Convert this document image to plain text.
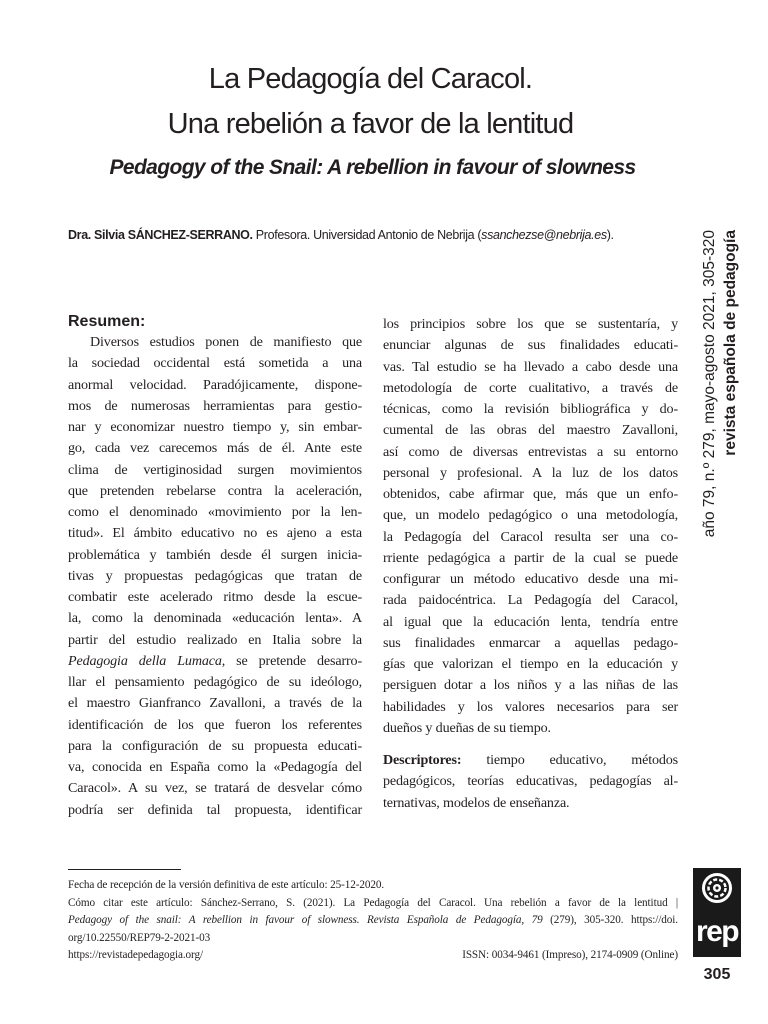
La Pedagogía del Caracol.
Una rebelión a favor de la lentitud
Pedagogy of the Snail: A rebellion in favour of slowness
Dra. Silvia SÁNCHEZ-SERRANO. Profesora. Universidad Antonio de Nebrija (ssanchezse@nebrija.es).
Resumen:
Diversos estudios ponen de manifiesto que
la sociedad occidental está sometida a una
anormal velocidad. Paradójicamente, dispone-
mos de numerosas herramientas para gestio-
nar y economizar nuestro tiempo y, sin embar-
go, cada vez carecemos más de él. Ante este
clima de vertiginosidad surgen movimientos
que pretenden rebelarse contra la aceleración,
como el denominado «movimiento por la len-
titud». El ámbito educativo no es ajeno a esta
problemática y también desde él surgen inicia-
tivas y propuestas pedagógicas que tratan de
combatir este acelerado ritmo desde la escue-
la, como la denominada «educación lenta». A
partir del estudio realizado en Italia sobre la
Pedagogia della Lumaca, se pretende desarro-
llar el pensamiento pedagógico de su ideólogo,
el maestro Gianfranco Zavalloni, a través de la
identificación de los que fueron los referentes
para la configuración de su propuesta educati-
va, conocida en España como la «Pedagogía del
Caracol». A su vez, se tratará de desvelar cómo
podría ser definida tal propuesta, identificar
los principios sobre los que se sustentaría, y
enunciar algunas de sus finalidades educati-
vas. Tal estudio se ha llevado a cabo desde una
metodología de corte cualitativo, a través de
técnicas, como la revisión bibliográfica y do-
cumental de las obras del maestro Zavalloni,
así como de diversas entrevistas a su entorno
personal y profesional. A la luz de los datos
obtenidos, cabe afirmar que, más que un enfo-
que, un modelo pedagógico o una metodología,
la Pedagogía del Caracol resulta ser una co-
rriente pedagógica a partir de la cual se puede
configurar un método educativo desde una mi-
rada paidocéntrica. La Pedagogía del Caracol,
al igual que la educación lenta, tendría entre
sus finalidades enmarcar a aquellas pedago-
gías que valorizan el tiempo en la educación y
persiguen dotar a los niños y a las niñas de las
habilidades y los valores necesarios para ser
dueños y dueñas de su tiempo.
Descriptores: tiempo educativo, métodos
pedagógicos, teorías educativas, pedagogías al-
ternativas, modelos de enseñanza.
Fecha de recepción de la versión definitiva de este artículo: 25-12-2020.
Cómo citar este artículo: Sánchez-Serrano, S. (2021). La Pedagogía del Caracol. Una rebelión a favor de la lentitud |
Pedagogy of the snail: A rebellion in favour of slowness. Revista Española de Pedagogía, 79 (279), 305-320. https://doi.
org/10.22550/REP79-2-2021-03
https://revistadepedagogia.org/	ISSN: 0034-9461 (Impreso), 2174-0909 (Online)
año 79, n.º 279, mayo-agosto 2021, 305-320 revista española de pedagogía
rep
305
